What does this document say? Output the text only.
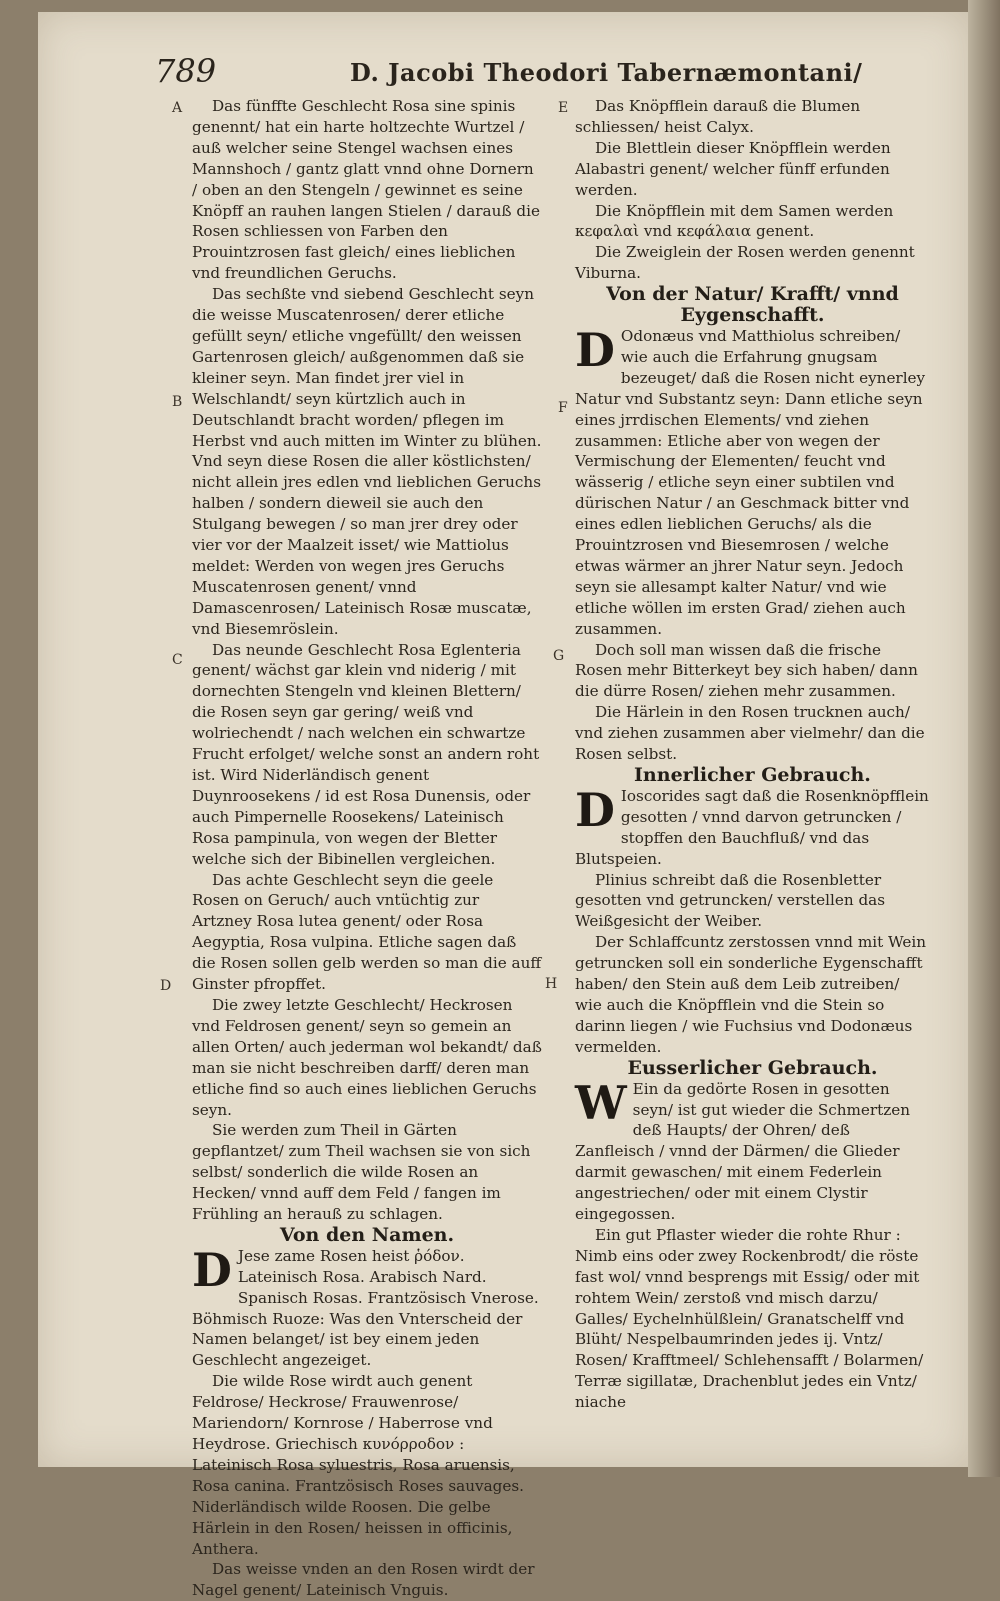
789	D. Jacobi Theodori Tabernæmontani/
A
B
C
D
E
F
G
H

Das fünffte Geschlecht Rosa sine spinis genennt/ hat ein harte holtzechte Wurtzel / auß welcher seine Stengel wachsen eines Mannshoch / gantz glatt vnnd ohne Dornern / oben an den Stengeln / gewinnet es seine Knöpff an rauhen langen Stielen / darauß die Rosen schliessen von Farben den Prouintzrosen fast gleich/ eines lieblichen vnd freundlichen Geruchs.

Das sechßte vnd siebend Geschlecht seyn die weisse Muscatenrosen/ derer etliche gefüllt seyn/ etliche vngefüllt/ den weissen Gartenrosen gleich/ außgenommen daß sie kleiner seyn. Man findet jrer viel in Welschlandt/ seyn kürtzlich auch in Deutschlandt bracht worden/ pflegen im Herbst vnd auch mitten im Winter zu blühen. Vnd seyn diese Rosen die aller köstlichsten/ nicht allein jres edlen vnd lieblichen Geruchs halben / sondern dieweil sie auch den Stulgang bewegen / so man jrer drey oder vier vor der Maalzeit isset/ wie Mattiolus meldet: Werden von wegen jres Geruchs Muscatenrosen genent/ vnnd Damascenrosen/ Lateinisch Rosæ muscatæ, vnd Biesemröslein.

Das neunde Geschlecht Rosa Eglenteria genent/ wächst gar klein vnd niderig / mit dornechten Stengeln vnd kleinen Blettern/ die Rosen seyn gar gering/ weiß vnd wolriechendt / nach welchen ein schwartze Frucht erfolget/ welche sonst an andern roht ist. Wird Niderländisch genent Duynroosekens / id est Rosa Dunensis, oder auch Pimpernelle Roosekens/ Lateinisch Rosa pampinula, von wegen der Bletter welche sich der Bibinellen vergleichen.

Das achte Geschlecht seyn die geele Rosen on Geruch/ auch vntüchtig zur Artzney Rosa lutea genent/ oder Rosa Aegyptia, Rosa vulpina. Etliche sagen daß die Rosen sollen gelb werden so man die auff Ginster pfropffet.

Die zwey letzte Geschlecht/ Heckrosen vnd Feldrosen genent/ seyn so gemein an allen Orten/ auch jederman wol bekandt/ daß man sie nicht beschreiben darff/ deren man etliche find so auch eines lieblichen Geruchs seyn.

Sie werden zum Theil in Gärten gepflantzet/ zum Theil wachsen sie von sich selbst/ sonderlich die wilde Rosen an Hecken/ vnnd auff dem Feld / fangen im Frühling an herauß zu schlagen.

Von den Namen.

D Jese zame Rosen heist ῥόδον. Lateinisch Rosa. Arabisch Nard. Spanisch Rosas. Frantzösisch Vnerose. Böhmisch Ruoze: Was den Vnterscheid der Namen belanget/ ist bey einem jeden Geschlecht angezeiget.

Die wilde Rose wirdt auch genent Feldrose/ Heckrose/ Frauwenrose/ Mariendorn/ Kornrose / Haberrose vnd Heydrose. Griechisch κυνόρροδον : Lateinisch Rosa syluestris, Rosa aruensis, Rosa canina. Frantzösisch Roses sauvages. Niderländisch wilde Roosen. Die gelbe Härlein in den Rosen/ heissen in officinis, Anthera.

Das weisse vnden an den Rosen wirdt der Nagel genent/ Lateinisch Vnguis.

Das Knöpfflein darauß die Blumen schliessen/ heist Calyx.

Die Blettlein dieser Knöpfflein werden Alabastri genent/ welcher fünff erfunden werden.

Die Knöpfflein mit dem Samen werden κεφαλαὶ vnd κεφάλαια genent.

Die Zweiglein der Rosen werden genennt Viburna.

Von der Natur/ Krafft/ vnnd Eygenschafft.

D Odonæus vnd Matthiolus schreiben/ wie auch die Erfahrung gnugsam bezeuget/ daß die Rosen nicht eynerley Natur vnd Substantz seyn: Dann etliche seyn eines jrrdischen Elements/ vnd ziehen zusammen: Etliche aber von wegen der Vermischung der Elementen/ feucht vnd wässerig / etliche seyn einer subtilen vnd dürischen Natur / an Geschmack bitter vnd eines edlen lieblichen Geruchs/ als die Prouintzrosen vnd Biesemrosen / welche etwas wärmer an jhrer Natur seyn. Jedoch seyn sie allesampt kalter Natur/ vnd wie etliche wöllen im ersten Grad/ ziehen auch zusammen.

Doch soll man wissen daß die frische Rosen mehr Bitterkeyt bey sich haben/ dann die dürre Rosen/ ziehen mehr zusammen.

Die Härlein in den Rosen trucknen auch/ vnd ziehen zusammen aber vielmehr/ dan die Rosen selbst.

Innerlicher Gebrauch.

D Ioscorides sagt daß die Rosenknöpfflein gesotten / vnnd darvon getruncken / stopffen den Bauchfluß/ vnd das Blutspeien.

Plinius schreibt daß die Rosenbletter gesotten vnd getruncken/ verstellen das Weißgesicht der Weiber.

Der Schlaffcuntz zerstossen vnnd mit Wein getruncken soll ein sonderliche Eygenschafft haben/ den Stein auß dem Leib zutreiben/ wie auch die Knöpfflein vnd die Stein so darinn liegen / wie Fuchsius vnd Dodonæus vermelden.

Eusserlicher Gebrauch.

W Ein da gedörte Rosen in gesotten seyn/ ist gut wieder die Schmertzen deß Haupts/ der Ohren/ deß Zanfleisch / vnnd der Därmen/ die Glieder darmit gewaschen/ mit einem Federlein angestriechen/ oder mit einem Clystir eingegossen.

Ein gut Pflaster wieder die rohte Rhur : Nimb eins oder zwey Rockenbrodt/ die röste fast wol/ vnnd besprengs mit Essig/ oder mit rohtem Wein/ zerstoß vnd misch darzu/ Galles/ Eychelnhülßlein/ Granatschelff vnd Blüht/ Nespelbaumrinden jedes ij. Vntz/ Rosen/ Krafftmeel/ Schlehensafft / Bolarmen/ Terræ sigillatæ, Drachenblut jedes ein Vntz/ niache
